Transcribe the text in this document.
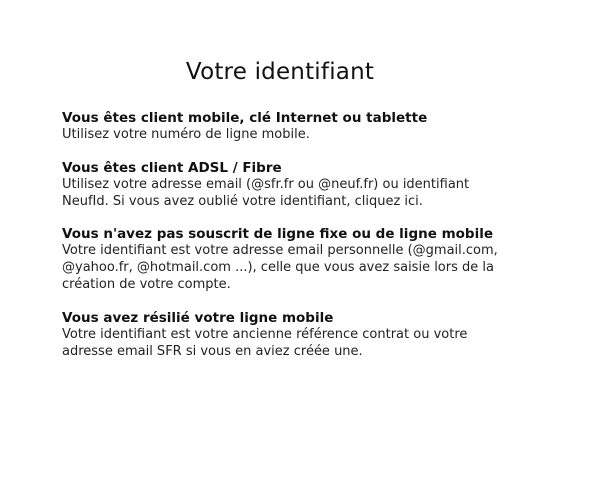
Votre identifiant

Vous êtes client mobile, clé Internet ou tablette

Utilisez votre numéro de ligne mobile.

Vous êtes client ADSL / Fibre

Utilisez votre adresse email (@sfr.fr ou @neuf.fr) ou identifiant NeufId. Si vous avez oublié votre identifiant, cliquez ici.

Vous n'avez pas souscrit de ligne fixe ou de ligne mobile

Votre identifiant est votre adresse email personnelle (@gmail.com, @yahoo.fr, @hotmail.com ...), celle que vous avez saisie lors de la création de votre compte.

Vous avez résilié votre ligne mobile

Votre identifiant est votre ancienne référence contrat ou votre adresse email SFR si vous en aviez créée une.
